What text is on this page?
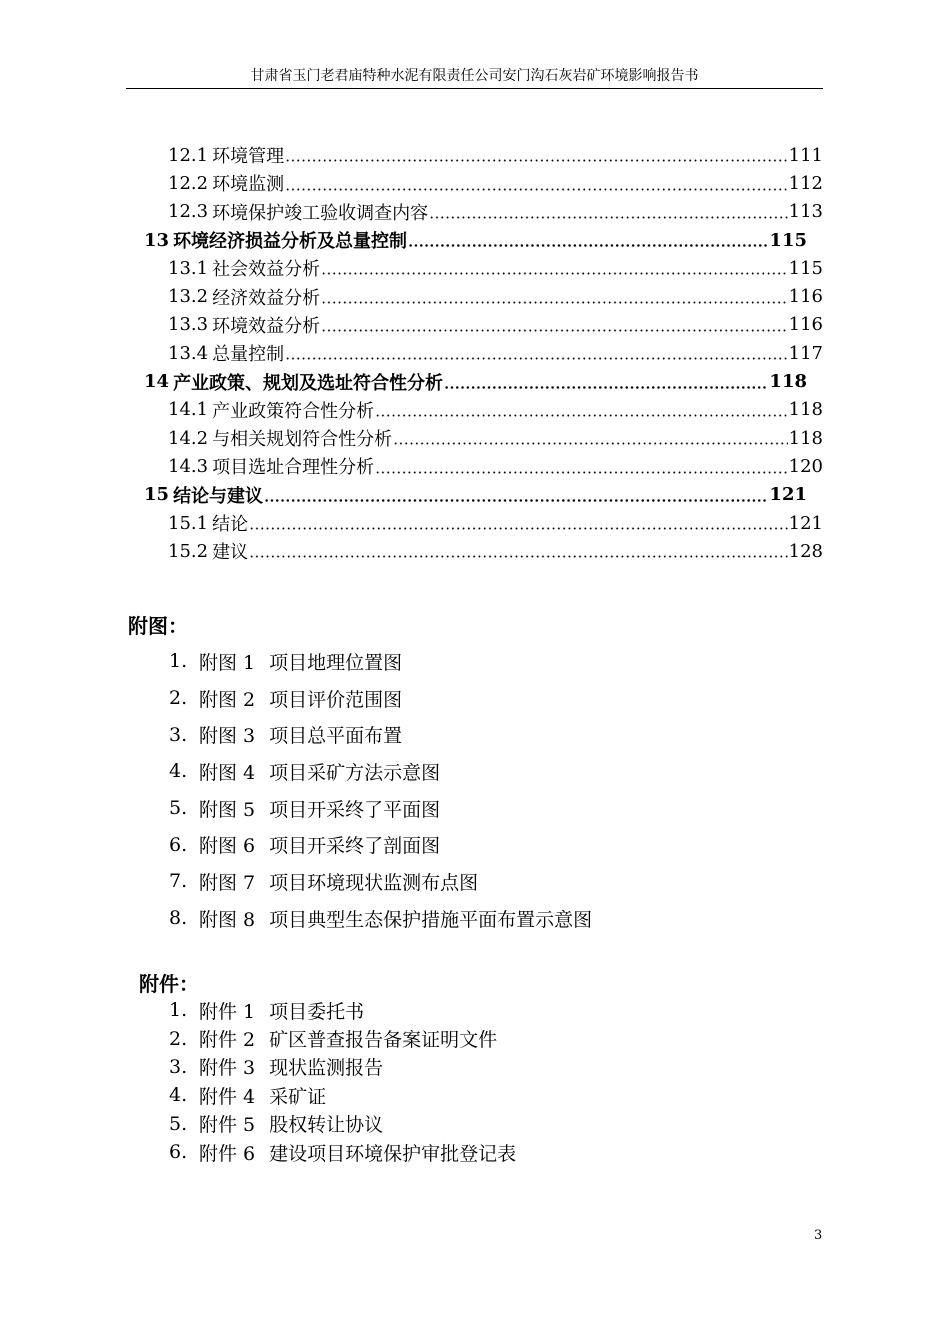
甘肃省玉门老君庙特种水泥有限责任公司安门沟石灰岩矿环境影响报告书
12.1 环境管理	111
12.2 环境监测	112
12.3 环境保护竣工验收调查内容	113
13 环境经济损益分析及总量控制	115
13.1 社会效益分析	115
13.2 经济效益分析	116
13.3 环境效益分析	116
13.4 总量控制	117
14 产业政策、规划及选址符合性分析	118
14.1 产业政策符合性分析	118
14.2 与相关规划符合性分析	118
14.3 项目选址合理性分析	120
15 结论与建议	121
15.1 结论	121
15.2 建议	128
附图：
1. 附图 1 项目地理位置图
2. 附图 2 项目评价范围图
3. 附图 3 项目总平面布置
4. 附图 4 项目采矿方法示意图
5. 附图 5 项目开采终了平面图
6. 附图 6 项目开采终了剖面图
7. 附图 7 项目环境现状监测布点图
8. 附图 8 项目典型生态保护措施平面布置示意图
附件：
1. 附件 1 项目委托书
2. 附件 2 矿区普查报告备案证明文件
3. 附件 3 现状监测报告
4. 附件 4 采矿证
5. 附件 5 股权转让协议
6. 附件 6 建设项目环境保护审批登记表
3
